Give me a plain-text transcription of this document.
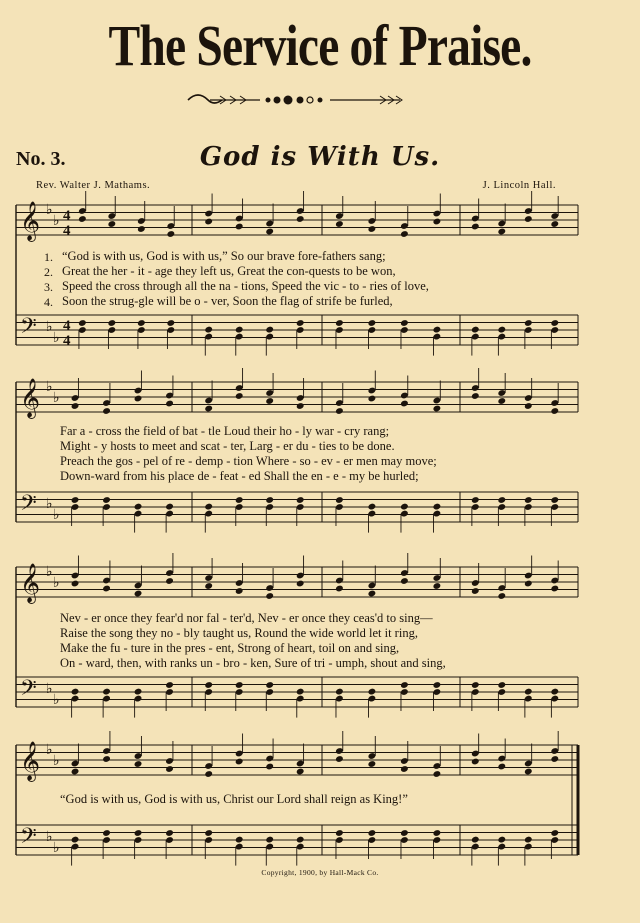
The Service of Praise.
No. 3.	God is With Us.
Rev. Walter J. Mathams.	J. Lincoln Hall.
𝄞 ♭
♭ 4
4
𝄢 ♭
♭
4
4
𝄞 ♭
♭
𝄢 ♭
♭
𝄞 ♭
♭
𝄢 ♭
♭
𝄞 ♭
♭
𝄢 ♭
♭
1.
2.
3.
4.
“God is with us, God is with us,” So our brave fore-fathers sang;
Great the her - it - age they left us, Great the con-quests to be won,
Speed the cross through all the na - tions, Speed the vic - to - ries of love,
Soon the strug-gle will be o - ver, Soon the flag of strife be furled,
Far a - cross the field of bat - tle Loud their ho - ly war - cry rang;
Might - y hosts to meet and scat - ter, Larg - er du - ties to be done.
Preach the gos - pel of re - demp - tion Where - so - ev - er men may move;
Down-ward from his place de - feat - ed Shall the en - e - my be hurled;
Nev - er once they fear'd nor fal - ter'd, Nev - er once they ceas'd to sing—
Raise the song they no - bly taught us, Round the wide world let it ring,
Make the fu - ture in the pres - ent, Strong of heart, toil on and sing,
On - ward, then, with ranks un - bro - ken, Sure of tri - umph, shout and sing,
“God is with us, God is with us, Christ our Lord shall reign as King!”
Copyright, 1900, by Hall-Mack Co.
